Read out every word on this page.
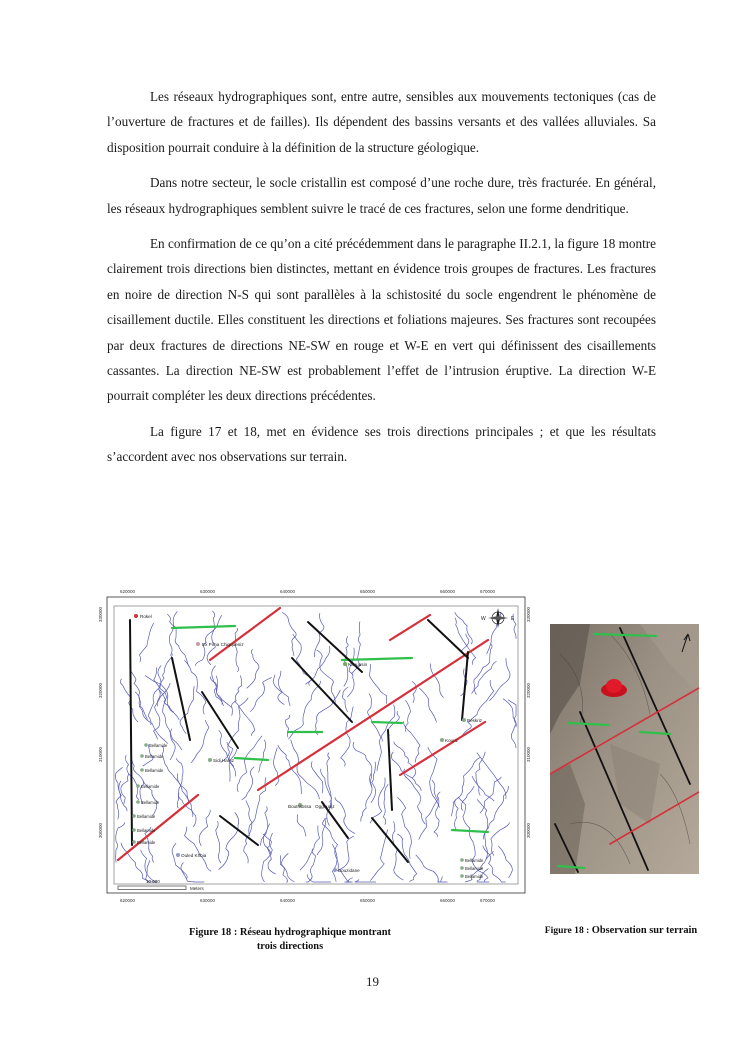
Les réseaux hydrographiques sont, entre autre, sensibles aux mouvements tectoniques (cas de l’ouverture de fractures et de failles). Ils dépendent des bassins versants et des vallées alluviales. Sa disposition pourrait conduire à la définition de la structure géologique.

Dans notre secteur, le socle cristallin est composé d’une roche dure, très fracturée. En général, les réseaux hydrographiques semblent suivre le tracé de ces fractures, selon une forme dendritique.

En confirmation de ce qu’on a cité précédemment dans le paragraphe II.2.1, la figure 18 montre clairement trois directions bien distinctes, mettant en évidence trois groupes de fractures. Les fractures en noire de direction N-S qui sont parallèles à la schistosité du socle engendrent le phénomène de cisaillement ductile. Elles constituent les directions et foliations majeures. Ses fractures sont recoupées par deux fractures de directions NE-SW en rouge et W-E en vert qui définissent des cisaillements cassantes. La direction NE-SW est probablement l’effet de l’intrusion éruptive. La direction W-E pourrait compléter les deux directions précédentes.

La figure 17 et 18, met en évidence ses trois directions principales ; et que les résultats s’accordent avec nos observations sur terrain.

620000	630000	640000	650000	660000	670000
620000	630000	640000	650000	660000	670000
330000
320000
310000
300000
330000
320000
310000
300000
Rokel
Ex Pirna Chiqqueniz
Kaouasin
Kouriz
Sidi Hamz
Boutrabssa Oggouniz
Bouzidane
Ouled Khbia
Beskriz
Bellamide
Bellamide
Bellamide
Bellamide
Bellamide
Bellamide
Bellamide
Bellamide
Bellamide
Bellamide
Bellamide
W	E
10 000
Meters
Figure 18 : Réseau hydrographique montrant trois directions
Figure 18 : Observation sur terrain
19
